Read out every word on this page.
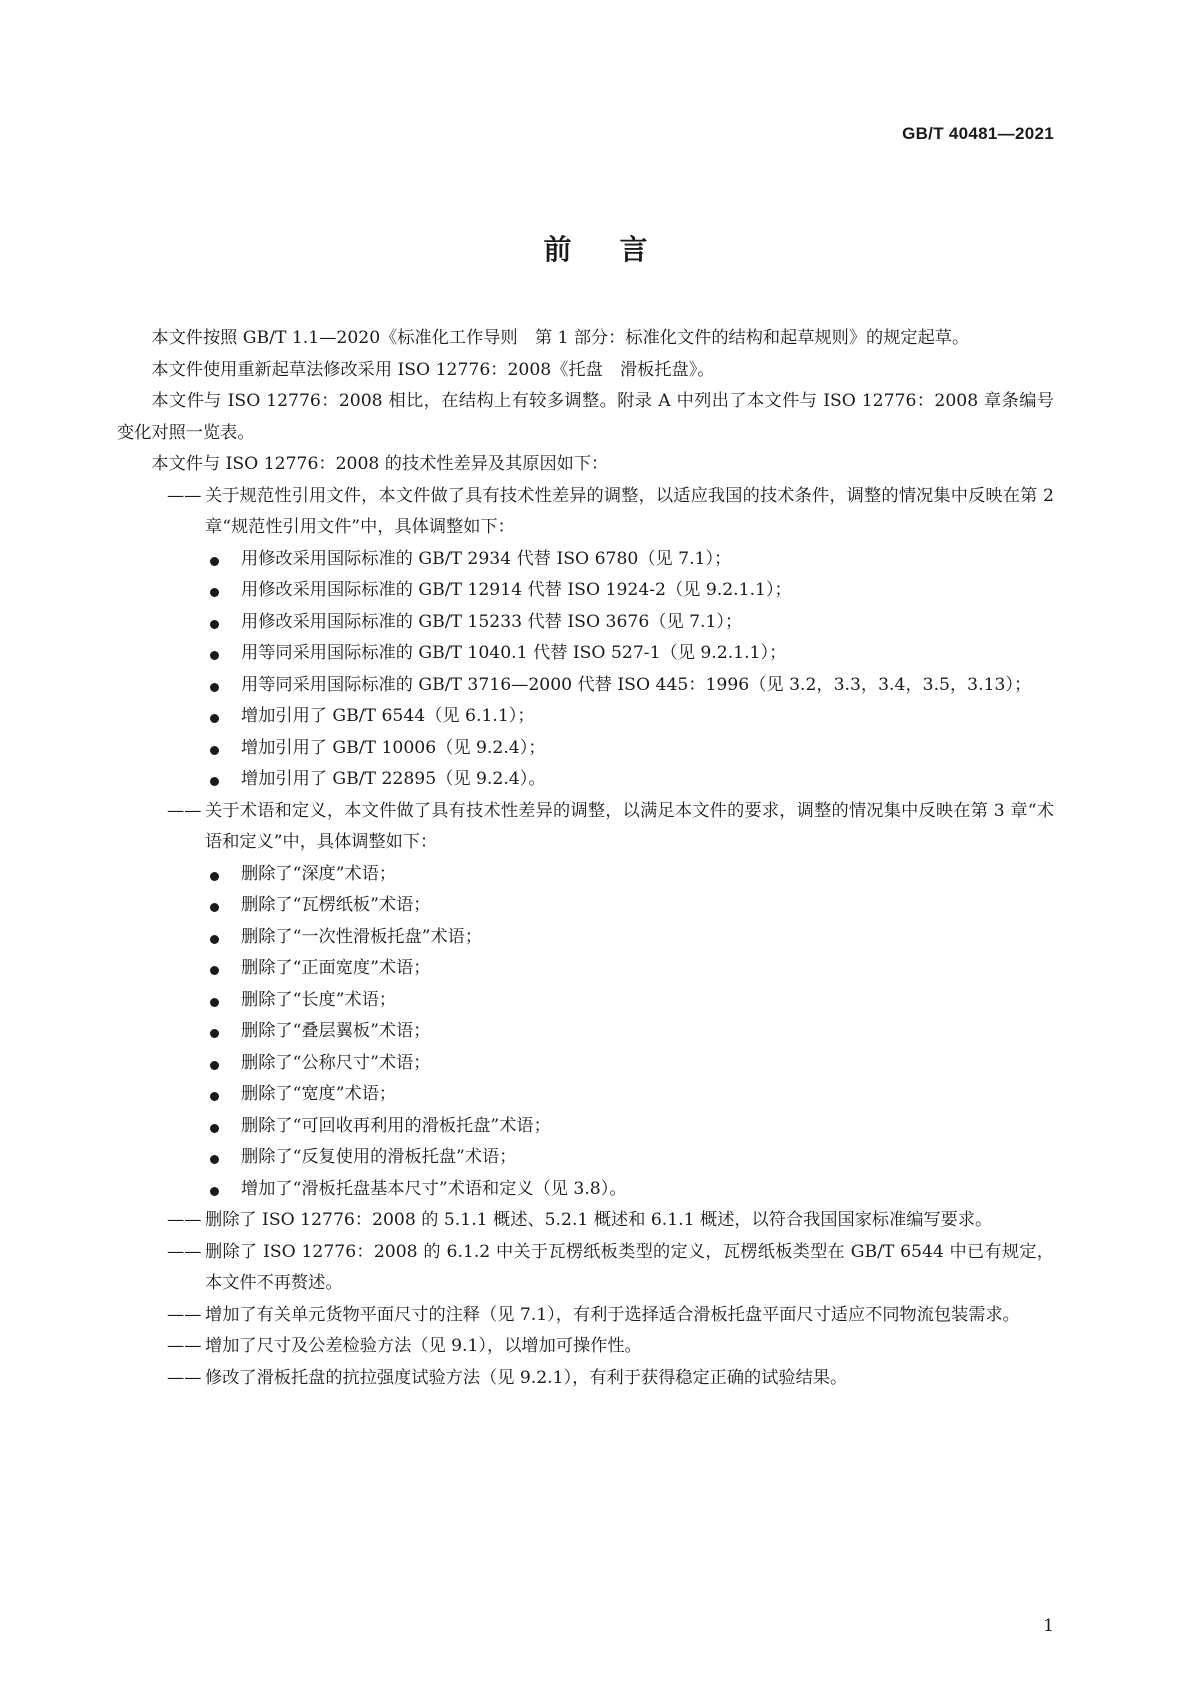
GB/T 40481—2021
前言

本文件按照 GB/T 1.1—2020《标准化工作导则　第 1 部分：标准化文件的结构和起草规则》的规定起草。

本文件使用重新起草法修改采用 ISO 12776：2008《托盘　滑板托盘》。

本文件与 ISO 12776：2008 相比，在结构上有较多调整。附录 A 中列出了本文件与 ISO 12776：2008 章条编号变化对照一览表。

本文件与 ISO 12776：2008 的技术性差异及其原因如下：

—— 关于规范性引用文件，本文件做了具有技术性差异的调整，以适应我国的技术条件，调整的情况集中反映在第 2 章“规范性引用文件”中，具体调整如下：

用修改采用国际标准的 GB/T 2934 代替 ISO 6780（见 7.1）；
用修改采用国际标准的 GB/T 12914 代替 ISO 1924-2（见 9.2.1.1）；
用修改采用国际标准的 GB/T 15233 代替 ISO 3676（见 7.1）；
用等同采用国际标准的 GB/T 1040.1 代替 ISO 527-1（见 9.2.1.1）；
用等同采用国际标准的 GB/T 3716—2000 代替 ISO 445：1996（见 3.2，3.3，3.4，3.5，3.13）；
增加引用了 GB/T 6544（见 6.1.1）；
增加引用了 GB/T 10006（见 9.2.4）；
增加引用了 GB/T 22895（见 9.2.4）。

—— 关于术语和定义，本文件做了具有技术性差异的调整，以满足本文件的要求，调整的情况集中反映在第 3 章“术语和定义”中，具体调整如下：

删除了“深度”术语；
删除了“瓦楞纸板”术语；
删除了“一次性滑板托盘”术语；
删除了“正面宽度”术语；
删除了“长度”术语；
删除了“叠层翼板”术语；
删除了“公称尺寸”术语；
删除了“宽度”术语；
删除了“可回收再利用的滑板托盘”术语；
删除了“反复使用的滑板托盘”术语；
增加了“滑板托盘基本尺寸”术语和定义（见 3.8）。

—— 删除了 ISO 12776：2008 的 5.1.1 概述、5.2.1 概述和 6.1.1 概述，以符合我国国家标准编写要求。

—— 删除了 ISO 12776：2008 的 6.1.2 中关于瓦楞纸板类型的定义，瓦楞纸板类型在 GB/T 6544 中已有规定，本文件不再赘述。

—— 增加了有关单元货物平面尺寸的注释（见 7.1），有利于选择适合滑板托盘平面尺寸适应不同物流包装需求。

—— 增加了尺寸及公差检验方法（见 9.1），以增加可操作性。

—— 修改了滑板托盘的抗拉强度试验方法（见 9.2.1），有利于获得稳定正确的试验结果。

1
